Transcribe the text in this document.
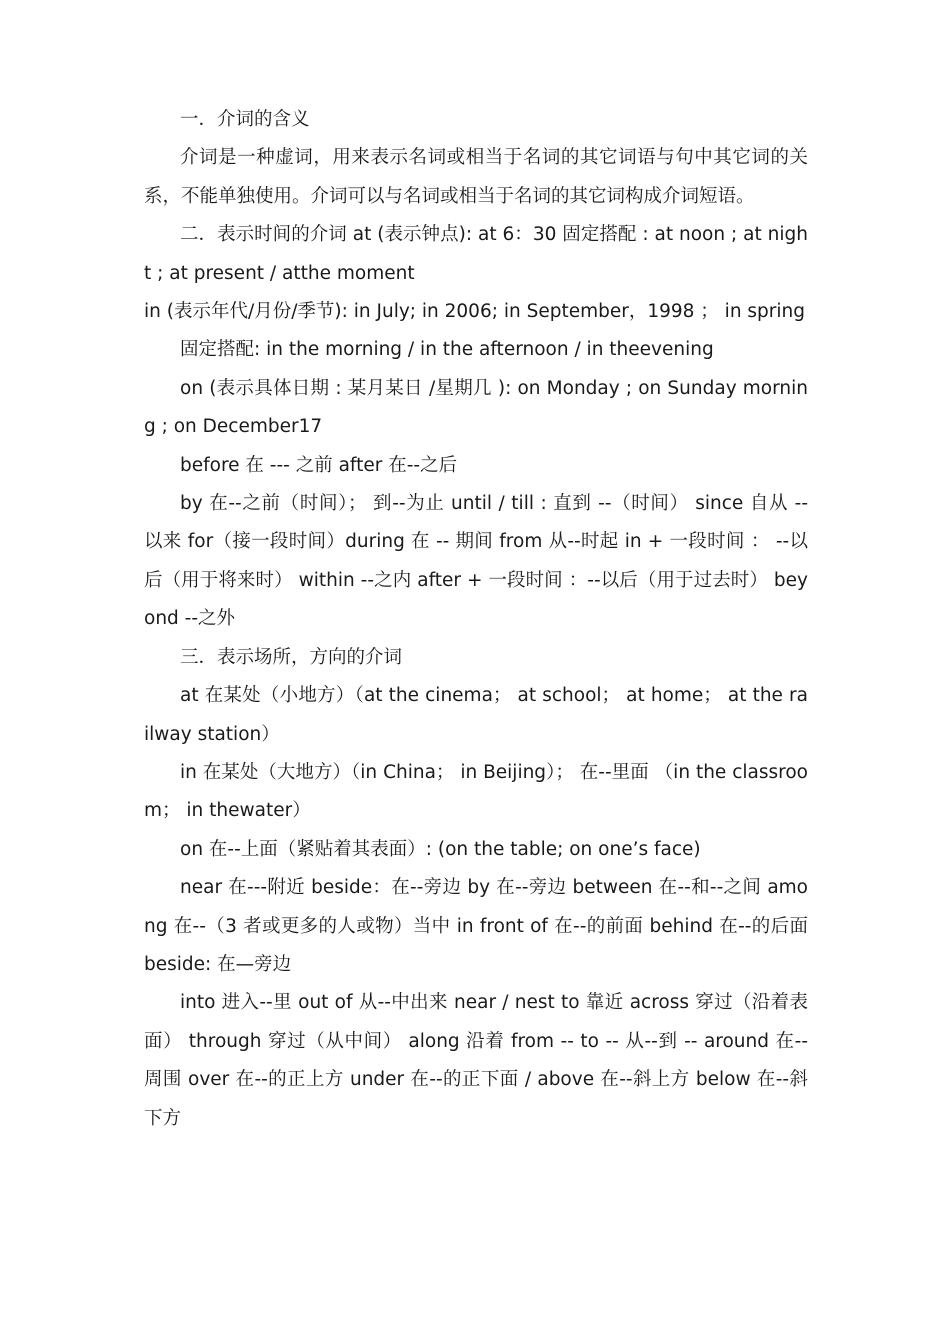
一．介词的含义

介词是一种虚词，用来表示名词或相当于名词的其它词语与句中其它词的关系，不能单独使用。介词可以与名词或相当于名词的其它词构成介词短语。

二．表示时间的介词 at (表示钟点): at 6：30 固定搭配 : at noon ; at night ; at present / atthe moment

in (表示年代/月份/季节): in July; in 2006; in September，1998 ； in spring

固定搭配: in the morning / in the afternoon / in theevening

on (表示具体日期 : 某月某日 /星期几 ): on Monday ; on Sunday morning ; on December17

before 在 --- 之前 after 在--之后

by 在--之前（时间）； 到--为止 until / till : 直到 --（时间） since 自从 -- 以来 for（接一段时间）during 在 -- 期间 from 从--时起 in + 一段时间 ： --以后（用于将来时） within --之内 after + 一段时间 ：--以后（用于过去时） beyond --之外

三．表示场所，方向的介词

at 在某处（小地方）（at the cinema； at school； at home； at the railway station）

in 在某处（大地方）（in China； in Beijing）； 在--里面 （in the classroom； in thewater）

on 在--上面（紧贴着其表面）: (on the table; on one’s face)

near 在---附近 beside：在--旁边 by 在--旁边 between 在--和--之间 among 在--（3 者或更多的人或物）当中 in front of 在--的前面 behind 在--的后面 beside: 在—旁边

into 进入--里 out of 从--中出来 near / nest to 靠近 across 穿过（沿着表面） through 穿过（从中间） along 沿着 from -- to -- 从--到 -- around 在--周围 over 在--的正上方 under 在--的正下面 / above 在--斜上方 below 在--斜下方
